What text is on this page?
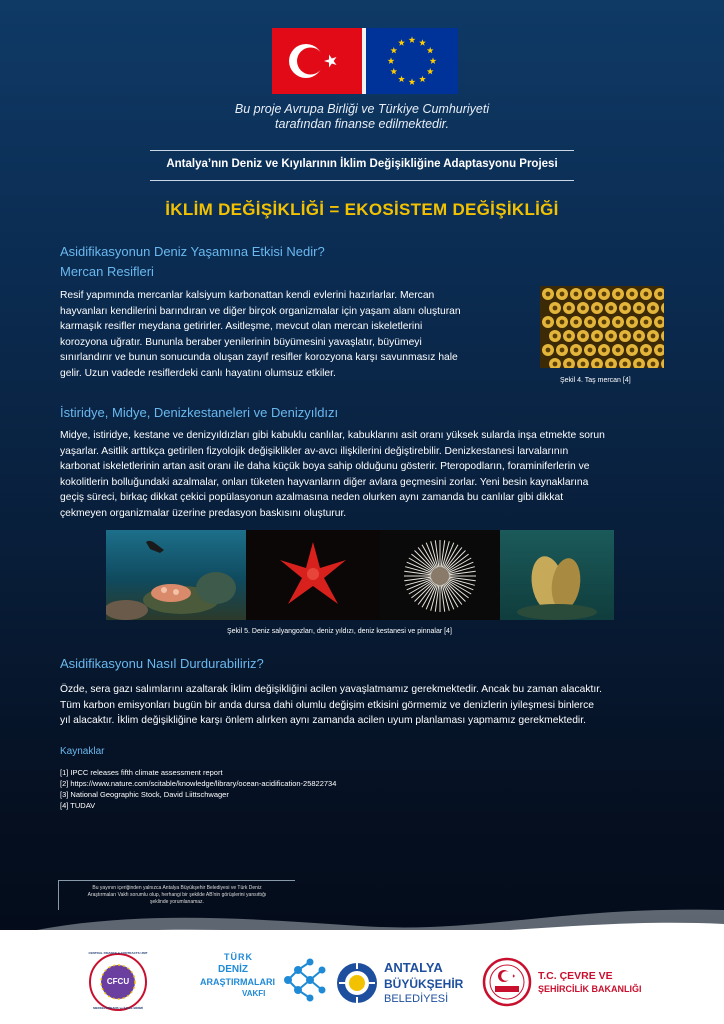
Bu proje Avrupa Birliği ve Türkiye Cumhuriyeti
tarafından finanse edilmektedir.
Antalya’nın Deniz ve Kıyılarının İklim Değişikliğine Adaptasyonu Projesi
İKLİM DEĞİŞİKLİĞİ = EKOSİSTEM DEĞİŞİKLİĞİ
Asidifikasyonun Deniz Yaşamına Etkisi Nedir?
Mercan Resifleri
Resif yapımında mercanlar kalsiyum karbonattan kendi evlerini hazırlarlar. Mercan
hayvanları kendilerini barındıran ve diğer birçok organizmalar için yaşam alanı oluşturan
karmaşık resifler meydana getirirler. Asitleşme, mevcut olan mercan iskeletlerini
korozyona uğratır. Bununla beraber yenilerinin büyümesini yavaşlatır, büyümeyi
sınırlandırır ve bunun sonucunda oluşan zayıf resifler korozyona karşı savunmasız hale
gelir. Uzun vadede resiflerdeki canlı hayatını olumsuz etkiler.
Şekil 4. Taş mercan [4]
İstiridye, Midye, Denizkestaneleri ve Denizyıldızı
Midye, istiridye, kestane ve denizyıldızları gibi kabuklu canlılar, kabuklarını asit oranı yüksek sularda inşa etmekte sorun
yaşarlar. Asitlik arttıkça getirilen fizyolojik değişiklikler av-avcı ilişkilerini değiştirebilir. Denizkestanesi larvalarının
karbonat iskeletlerinin artan asit oranı ile daha küçük boya sahip olduğunu gösterir. Pteropodların, foraminiferlerin ve
kokolitlerin bolluğundaki azalmalar, onları tüketen hayvanların diğer avlara geçmesini zorlar. Yeni besin kaynaklarına
geçiş süreci, birkaç dikkat çekici popülasyonun azalmasına neden olurken aynı zamanda bu canlılar gibi dikkat
çekmeyen organizmalar üzerine predasyon baskısını oluşturur.
Şekil 5. Deniz salyangozları, deniz yıldızı, deniz kestanesi ve pinnalar [4]
Asidifikasyonu Nasıl Durdurabiliriz?
Özde, sera gazı salımlarını azaltarak İklim değişikliğini acilen yavaşlatmamız gerekmektedir. Ancak bu zaman alacaktır.
Tüm karbon emisyonları bugün bir anda dursa dahi olumlu değişim etkisini görmemiz ve denizlerin iyileşmesi binlerce
yıl alacaktır. İklim değişikliğine karşı önlem alırken aynı zamanda acilen uyum planlaması yapmamız gerekmektedir.
Kaynaklar
[1] IPCC releases fifth climate assessment report
[2] https://www.nature.com/scitable/knowledge/library/ocean-acidification-25822734
[3] National Geographic Stock, David Liittschwager
[4] TUDAV
Bu yayının içeriğinden yalnızca Antalya Büyükşehir Belediyesi ve Türk Deniz
Araştırmaları Vakfı sorumlu olup, herhangi bir şekilde AB'nin görüşlerini yansıttığı
şeklinde yorumlanamaz.
CFCU
CENTRAL FINANCE & CONTRACTS UNIT
MERKEZİ FİNANS ve İHALE BİRİMİ
TÜRK
DENİZ
ARAŞTIRMALARI
VAKFI
ANTALYA
BÜYÜKŞEHİR
BELEDİYESİ
T.C. ÇEVRE VE
ŞEHİRCİLİK BAKANLIĞI
